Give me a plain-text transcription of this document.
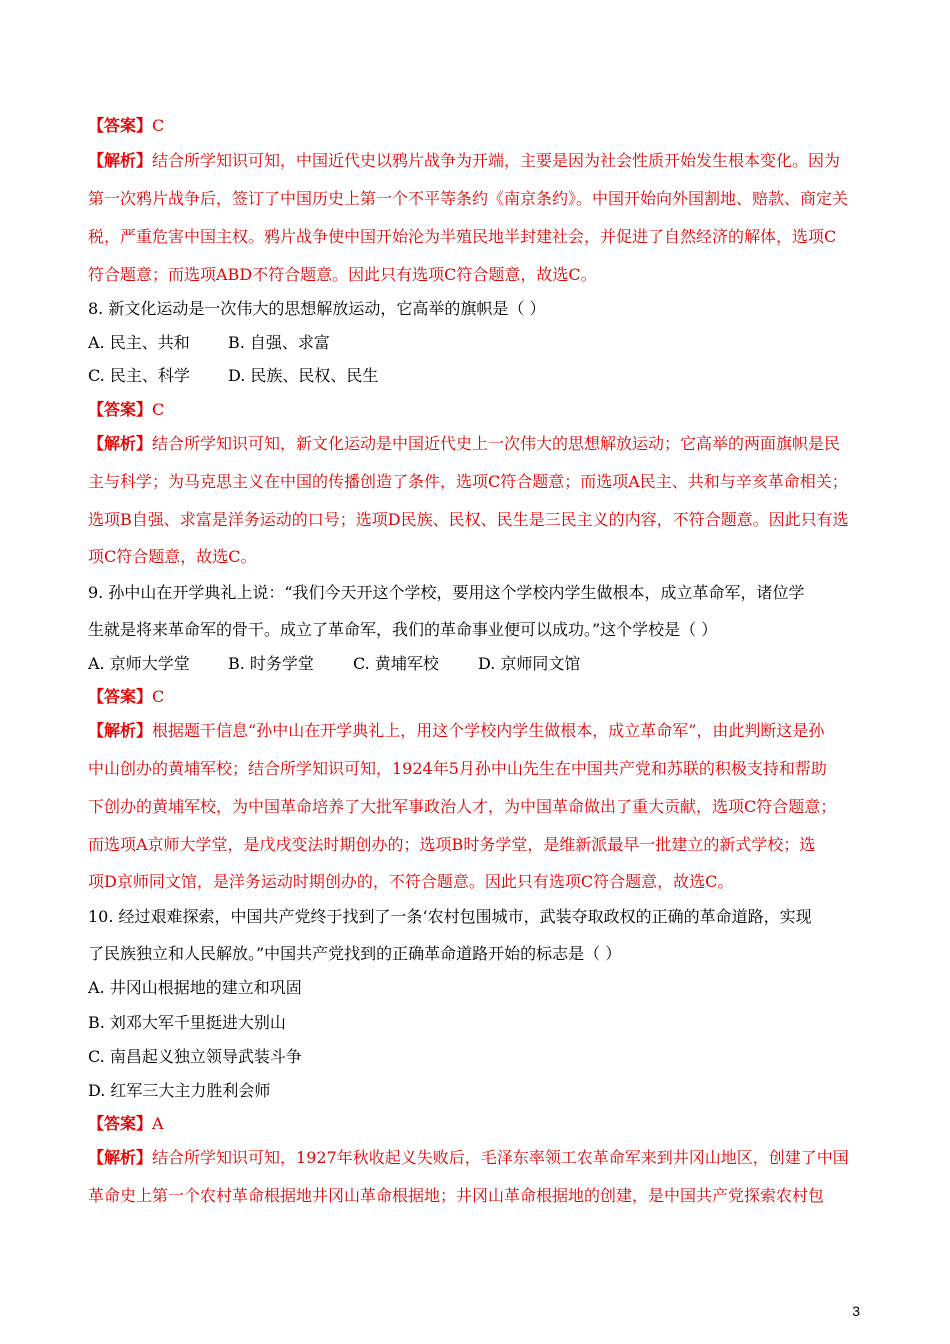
【答案】C
【解析】结合所学知识可知，中国近代史以鸦片战争为开端，主要是因为社会性质开始发生根本变化。因为
第一次鸦片战争后，签订了中国历史上第一个不平等条约《南京条约》。中国开始向外国割地、赔款、商定关
税，严重危害中国主权。鸦片战争使中国开始沦为半殖民地半封建社会，并促进了自然经济的解体，选项C
符合题意；而选项ABD不符合题意。因此只有选项C符合题意，故选C。
8. 新文化运动是一次伟大的思想解放运动，它高举的旗帜是（ ）
A. 民主、共和 B. 自强、求富
C. 民主、科学 D. 民族、民权、民生
【答案】C
【解析】结合所学知识可知，新文化运动是中国近代史上一次伟大的思想解放运动；它高举的两面旗帜是民
主与科学；为马克思主义在中国的传播创造了条件，选项C符合题意；而选项A民主、共和与辛亥革命相关；
选项B自强、求富是洋务运动的口号；选项D民族、民权、民生是三民主义的内容，不符合题意。因此只有选
项C符合题意，故选C。
9. 孙中山在开学典礼上说：“我们今天开这个学校，要用这个学校内学生做根本，成立革命军，诸位学
生就是将来革命军的骨干。成立了革命军，我们的革命事业便可以成功。”这个学校是（ ）
A. 京师大学堂 B. 时务学堂 C. 黄埔军校 D. 京师同文馆
【答案】C
【解析】根据题干信息“孙中山在开学典礼上，用这个学校内学生做根本，成立革命军”，由此判断这是孙
中山创办的黄埔军校；结合所学知识可知，1924年5月孙中山先生在中国共产党和苏联的积极支持和帮助
下创办的黄埔军校，为中国革命培养了大批军事政治人才，为中国革命做出了重大贡献，选项C符合题意；
而选项A京师大学堂，是戊戌变法时期创办的；选项B时务学堂，是维新派最早一批建立的新式学校；选
项D京师同文馆，是洋务运动时期创办的，不符合题意。因此只有选项C符合题意，故选C。
10. 经过艰难探索，中国共产党终于找到了一条‘农村包围城市，武装夺取政权的正确的革命道路，实现
了民族独立和人民解放。”中国共产党找到的正确革命道路开始的标志是（ ）
A. 井冈山根据地的建立和巩固
B. 刘邓大军千里挺进大别山
C. 南昌起义独立领导武装斗争
D. 红军三大主力胜利会师
【答案】A
【解析】结合所学知识可知，1927年秋收起义失败后，毛泽东率领工农革命军来到井冈山地区，创建了中国
革命史上第一个农村革命根据地井冈山革命根据地；井冈山革命根据地的创建，是中国共产党探索农村包
3
